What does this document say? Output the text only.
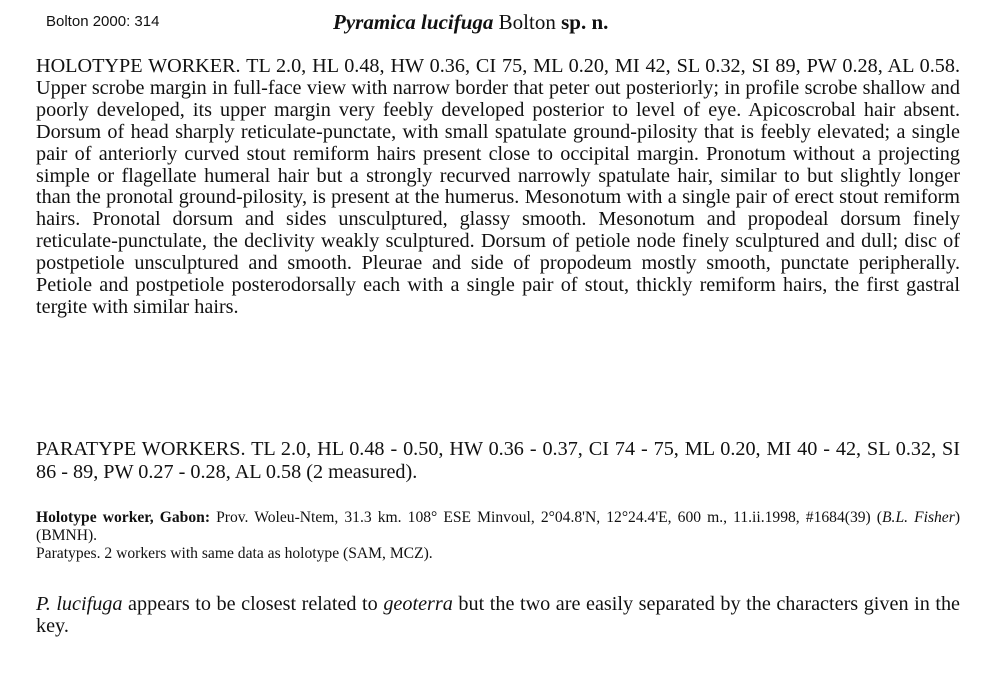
Bolton 2000: 314	Pyramica lucifuga Bolton sp. n.
HOLOTYPE WORKER. TL 2.0, HL 0.48, HW 0.36, CI 75, ML 0.20, MI 42, SL 0.32, SI 89, PW 0.28, AL 0.58. Upper scrobe margin in full-face view with narrow border that peter out posteriorly; in profile scrobe shallow and poorly developed, its upper margin very feebly developed posterior to level of eye. Apicoscrobal hair absent. Dorsum of head sharply reticulate-punctate, with small spatulate ground-pilosity that is feebly elevated; a single pair of anteriorly curved stout remiform hairs present close to occipital margin. Pronotum without a projecting simple or flagellate humeral hair but a strongly recurved narrowly spatulate hair, similar to but slightly longer than the pronotal ground-pilosity, is present at the humerus. Mesonotum with a single pair of erect stout remiform hairs. Pronotal dorsum and sides unsculptured, glassy smooth. Mesonotum and propodeal dorsum finely reticulate-punctulate, the declivity weakly sculptured. Dorsum of petiole node finely sculptured and dull; disc of postpetiole unsculptured and smooth. Pleurae and side of propodeum mostly smooth, punctate peripherally. Petiole and postpetiole posterodorsally each with a single pair of stout, thickly remiform hairs, the first gastral tergite with similar hairs.
PARATYPE WORKERS. TL 2.0, HL 0.48 - 0.50, HW 0.36 - 0.37, CI 74 - 75, ML 0.20, MI 40 - 42, SL 0.32, SI 86 - 89, PW 0.27 - 0.28, AL 0.58 (2 measured).

Holotype worker, Gabon: Prov. Woleu-Ntem, 31.3 km. 108° ESE Minvoul, 2°04.8'N, 12°24.4'E, 600 m., 11.ii.1998, #1684(39) (B.L. Fisher) (BMNH).

Paratypes. 2 workers with same data as holotype (SAM, MCZ).

P. lucifuga appears to be closest related to geoterra but the two are easily separated by the characters given in the key.
